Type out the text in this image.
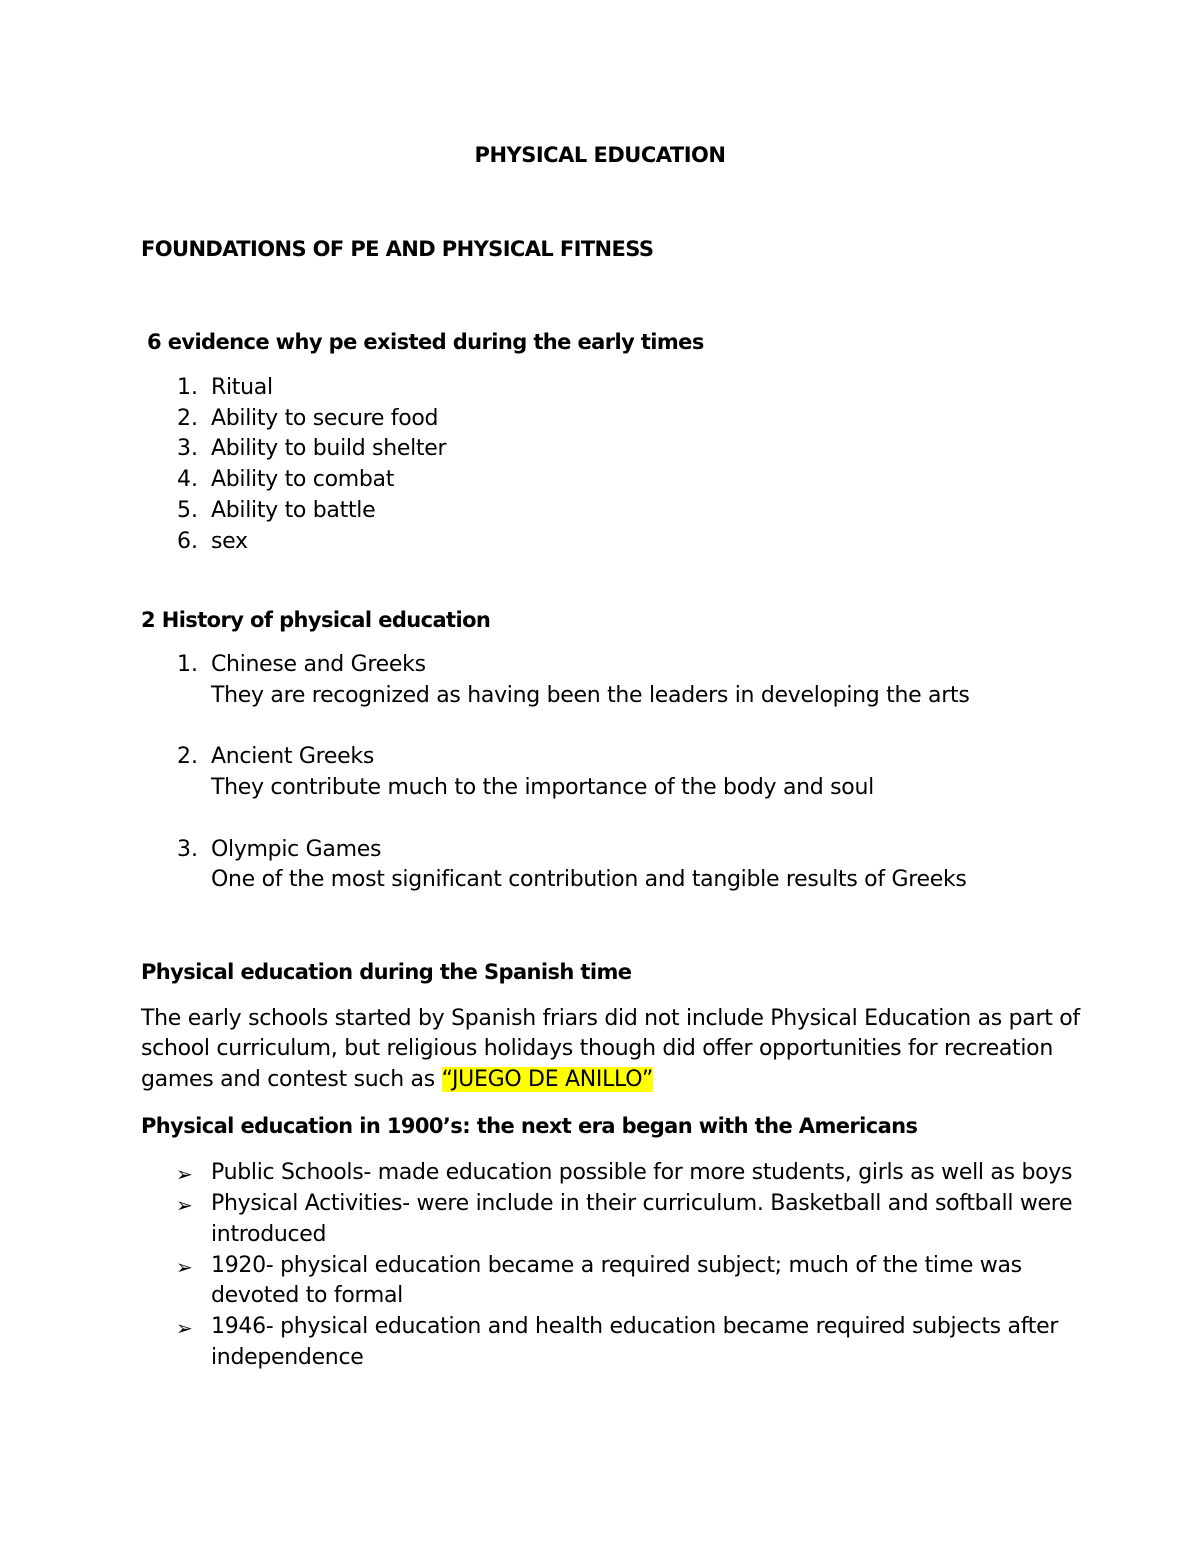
PHYSICAL EDUCATION
FOUNDATIONS OF PE AND PHYSICAL FITNESS
6 evidence why pe existed during the early times
1. Ritual
2. Ability to secure food
3. Ability to build shelter
4. Ability to combat
5. Ability to battle
6. sex
2 History of physical education
1. Chinese and Greeks
They are recognized as having been the leaders in developing the arts
2. Ancient Greeks
They contribute much to the importance of the body and soul
3. Olympic Games
One of the most significant contribution and tangible results of Greeks
Physical education during the Spanish time
The early schools started by Spanish friars did not include Physical Education as part of
school curriculum, but religious holidays though did offer opportunities for recreation
games and contest such as “JUEGO DE ANILLO”
Physical education in 1900’s: the next era began with the Americans
➢ Public Schools- made education possible for more students, girls as well as boys
➢ Physical Activities- were include in their curriculum. Basketball and softball were
introduced
➢ 1920- physical education became a required subject; much of the time was
devoted to formal
➢ 1946- physical education and health education became required subjects after
independence
